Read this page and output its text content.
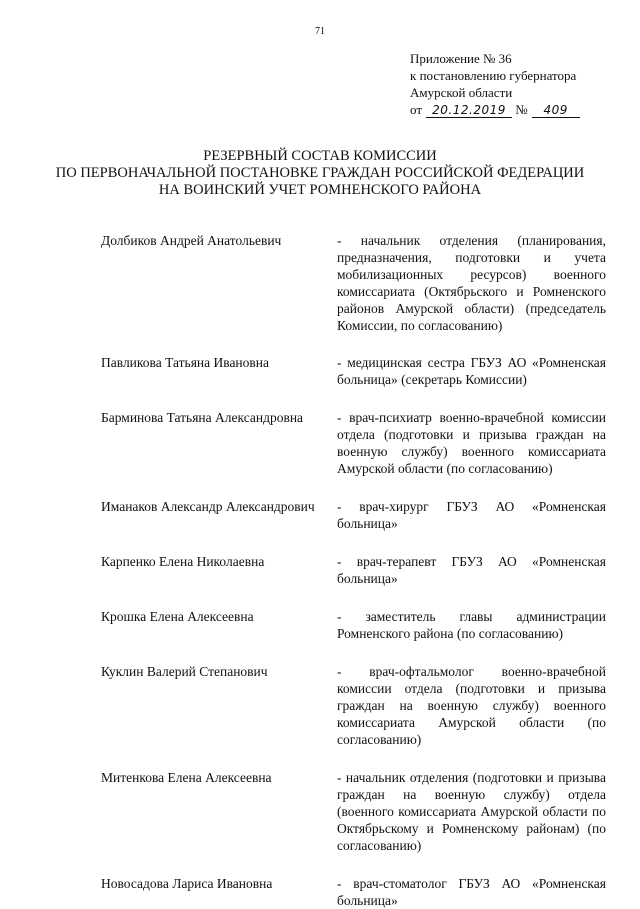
71
Приложение № 36
к постановлению губернатора
Амурской области
от 20.12.2019 № 409
РЕЗЕРВНЫЙ СОСТАВ КОМИССИИ
ПО ПЕРВОНАЧАЛЬНОЙ ПОСТАНОВКЕ ГРАЖДАН РОССИЙСКОЙ ФЕДЕРАЦИИ
НА ВОИНСКИЙ УЧЕТ РОМНЕНСКОГО РАЙОНА
Долбиков Андрей Анатольевич	- начальник отделения (планирования, предназначения, подготовки и учета мобилизационных ресурсов) военного комиссариата (Октябрьского и Ромненского районов Амурской области) (председатель Комиссии, по согласованию)
Павликова Татьяна Ивановна	- медицинская сестра ГБУЗ АО «Ромненская больница» (секретарь Комиссии)
Барминова Татьяна Александровна	- врач-психиатр военно-врачебной комиссии отдела (подготовки и призыва граждан на военную службу) военного комиссариата Амурской области (по согласованию)
Иманаков Александр Александрович	- врач-хирург ГБУЗ АО «Ромненская больница»
Карпенко Елена Николаевна	- врач-терапевт ГБУЗ АО «Ромненская больница»
Крошка Елена Алексеевна	- заместитель главы администрации Ромненского района (по согласованию)
Куклин Валерий Степанович	- врач-офтальмолог военно-врачебной комиссии отдела (подготовки и призыва граждан на военную службу) военного комиссариата Амурской области (по согласованию)
Митенкова Елена Алексеевна	- начальник отделения (подготовки и призыва граждан на военную службу) отдела (военного комиссариата Амурской области по Октябрьскому и Ромненскому районам) (по согласованию)
Новосадова Лариса Ивановна	- врач-стоматолог ГБУЗ АО «Ромненская больница»
